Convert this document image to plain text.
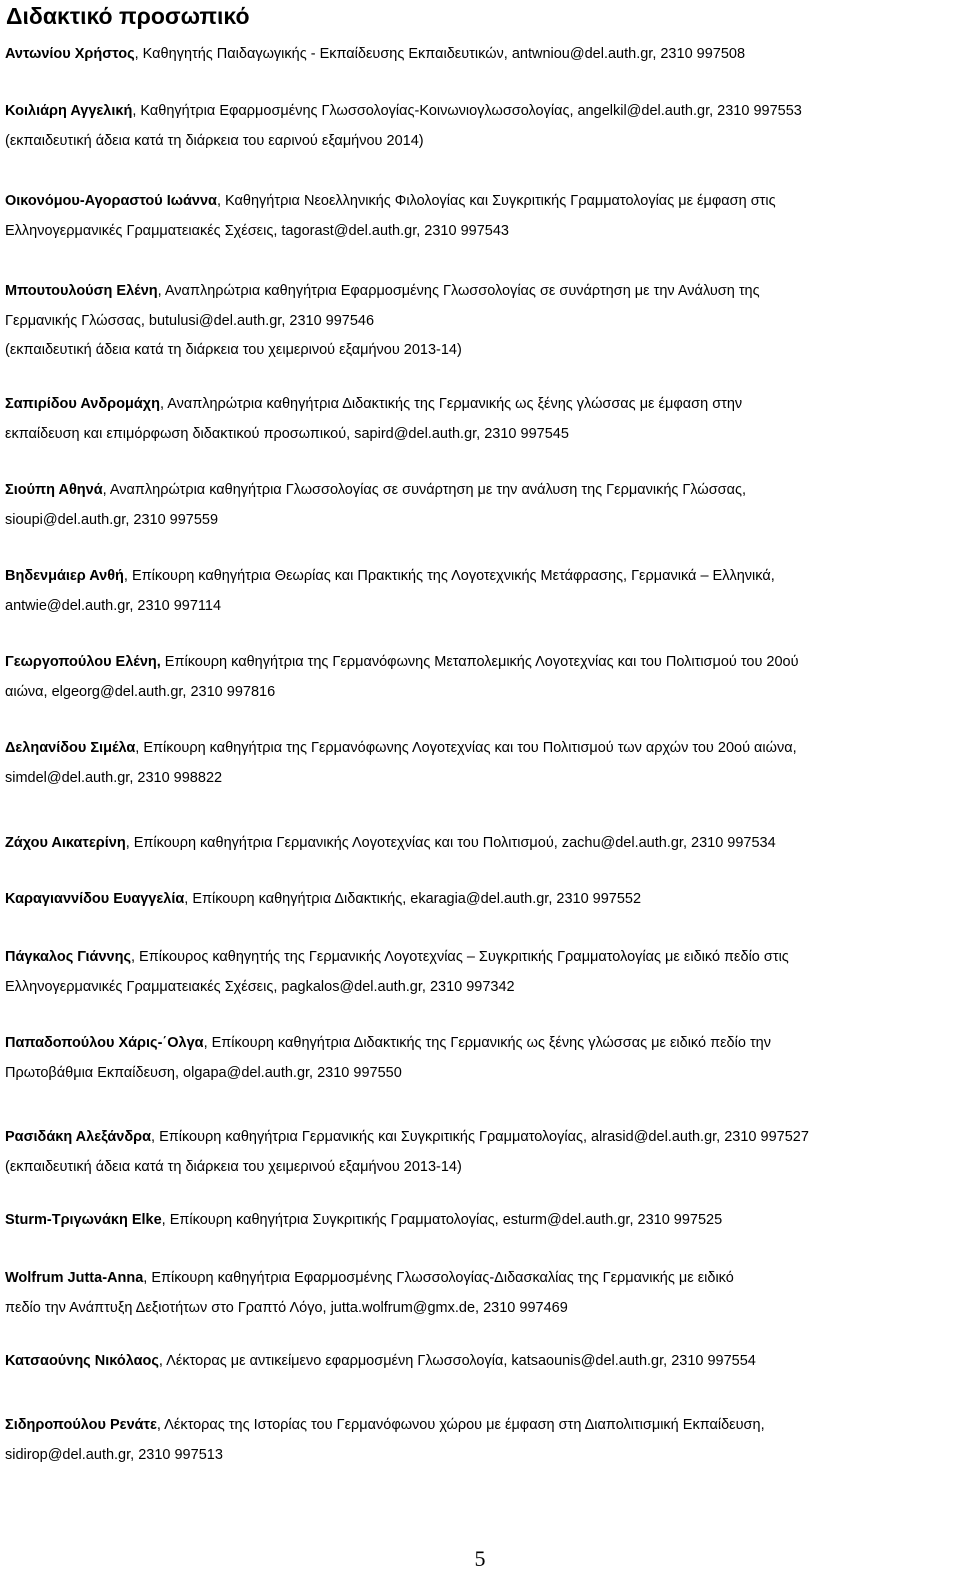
Διδακτικό προσωπικό
Αντωνίου Χρήστος, Καθηγητής Παιδαγωγικής - Εκπαίδευσης Εκπαιδευτικών, antwniou@del.auth.gr, 2310 997508
Κοιλιάρη Αγγελική, Καθηγήτρια Εφαρμοσμένης Γλωσσολογίας-Κοινωνιογλωσσολογίας, angelkil@del.auth.gr, 2310 997553
(εκπαιδευτική άδεια κατά τη διάρκεια του εαρινού εξαμήνου 2014)
Οικονόμου-Αγοραστού Ιωάννα, Καθηγήτρια Νεοελληνικής Φιλολογίας και Συγκριτικής Γραμματολογίας με έμφαση στις
Ελληνογερμανικές Γραμματειακές Σχέσεις, tagorast@del.auth.gr, 2310 997543
Μπουτουλούση Ελένη, Αναπληρώτρια καθηγήτρια Εφαρμοσμένης Γλωσσολογίας σε συνάρτηση με την Ανάλυση της
Γερμανικής Γλώσσας, butulusi@del.auth.gr, 2310 997546
(εκπαιδευτική άδεια κατά τη διάρκεια του χειμερινού εξαμήνου 2013-14)
Σαπιρίδου Ανδρομάχη, Αναπληρώτρια καθηγήτρια Διδακτικής της Γερμανικής ως ξένης γλώσσας με έμφαση στην
εκπαίδευση και επιμόρφωση διδακτικού προσωπικού, sapird@del.auth.gr, 2310 997545
Σιούπη Αθηνά, Αναπληρώτρια καθηγήτρια Γλωσσολογίας σε συνάρτηση με την ανάλυση της Γερμανικής Γλώσσας,
sioupi@del.auth.gr, 2310 997559
Βηδενμάιερ Ανθή, Επίκουρη καθηγήτρια Θεωρίας και Πρακτικής της Λογοτεχνικής Μετάφρασης, Γερμανικά – Ελληνικά,
antwie@del.auth.gr, 2310 997114
Γεωργοπούλου Ελένη, Επίκουρη καθηγήτρια της Γερμανόφωνης Μεταπολεμικής Λογοτεχνίας και του Πολιτισμού του 20ού
αιώνα, elgeorg@del.auth.gr, 2310 997816
Δεληανίδου Σιμέλα, Επίκουρη καθηγήτρια της Γερμανόφωνης Λογοτεχνίας και του Πολιτισμού των αρχών του 20ού αιώνα,
simdel@del.auth.gr, 2310 998822
Ζάχου Αικατερίνη, Επίκουρη καθηγήτρια Γερμανικής Λογοτεχνίας και του Πολιτισμού, zachu@del.auth.gr, 2310 997534
Καραγιαννίδου Ευαγγελία, Επίκουρη καθηγήτρια Διδακτικής, ekaragia@del.auth.gr, 2310 997552
Πάγκαλος Γιάννης, Επίκουρος καθηγητής της Γερμανικής Λογοτεχνίας – Συγκριτικής Γραμματολογίας με ειδικό πεδίο στις
Ελληνογερμανικές Γραμματειακές Σχέσεις, pagkalos@del.auth.gr, 2310 997342
Παπαδοπούλου Χάρις-΄Ολγα, Επίκουρη καθηγήτρια Διδακτικής της Γερμανικής ως ξένης γλώσσας με ειδικό πεδίο την
Πρωτοβάθμια Εκπαίδευση, olgapa@del.auth.gr, 2310 997550
Ρασιδάκη Αλεξάνδρα, Επίκουρη καθηγήτρια Γερμανικής και Συγκριτικής Γραμματολογίας, alrasid@del.auth.gr, 2310 997527
(εκπαιδευτική άδεια κατά τη διάρκεια του χειμερινού εξαμήνου 2013-14)
Sturm-Τριγωνάκη Elke, Επίκουρη καθηγήτρια Συγκριτικής Γραμματολογίας, esturm@del.auth.gr, 2310 997525
Wolfrum Jutta-Anna, Επίκουρη καθηγήτρια Εφαρμοσμένης Γλωσσολογίας-Διδασκαλίας της Γερμανικής με ειδικό
πεδίο την Ανάπτυξη Δεξιοτήτων στο Γραπτό Λόγο, jutta.wolfrum@gmx.de, 2310 997469
Κατσαούνης Νικόλαος, Λέκτορας με αντικείμενο εφαρμοσμένη Γλωσσολογία, katsaounis@del.auth.gr, 2310 997554
Σιδηροπούλου Ρενάτε, Λέκτορας της Ιστορίας του Γερμανόφωνου χώρου με έμφαση στη Διαπολιτισμική Εκπαίδευση,
sidirop@del.auth.gr, 2310 997513
5
